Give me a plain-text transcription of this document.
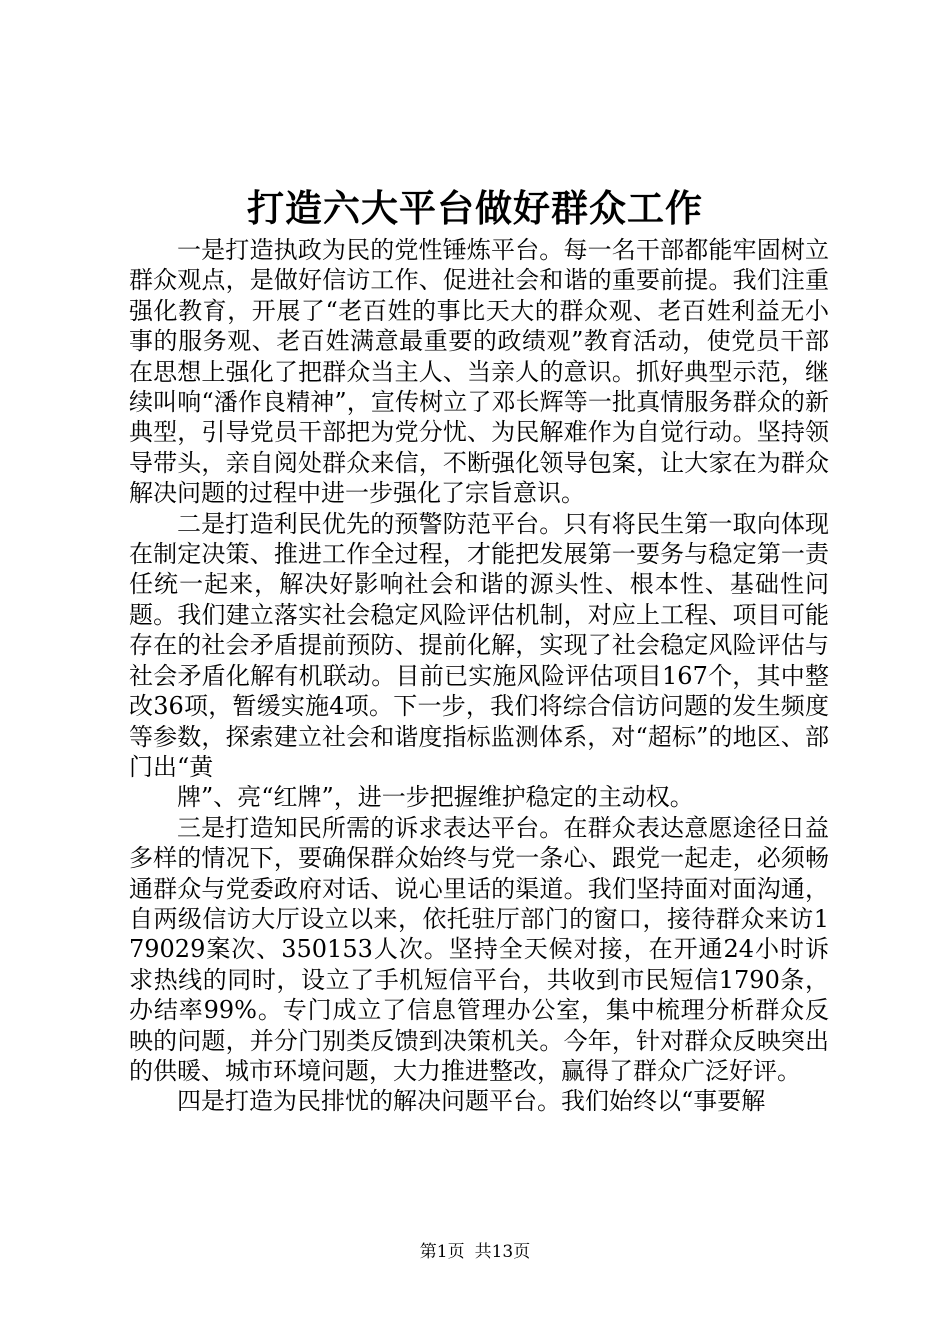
打造六大平台做好群众工作

一是打造执政为民的党性锤炼平台。每一名干部都能牢固树立群众观点，是做好信访工作、促进社会和谐的重要前提。我们注重强化教育，开展了“老百姓的事比天大的群众观、老百姓利益无小事的服务观、老百姓满意最重要的政绩观”教育活动，使党员干部在思想上强化了把群众当主人、当亲人的意识。抓好典型示范，继续叫响“潘作良精神”，宣传树立了邓长辉等一批真情服务群众的新典型，引导党员干部把为党分忧、为民解难作为自觉行动。坚持领导带头，亲自阅处群众来信，不断强化领导包案，让大家在为群众解决问题的过程中进一步强化了宗旨意识。

二是打造利民优先的预警防范平台。只有将民生第一取向体现在制定决策、推进工作全过程，才能把发展第一要务与稳定第一责任统一起来，解决好影响社会和谐的源头性、根本性、基础性问题。我们建立落实社会稳定风险评估机制，对应上工程、项目可能存在的社会矛盾提前预防、提前化解，实现了社会稳定风险评估与社会矛盾化解有机联动。目前已实施风险评估项目167个，其中整改36项，暂缓实施4项。下一步，我们将综合信访问题的发生频度等参数，探索建立社会和谐度指标监测体系，对“超标”的地区、部门出“黄

牌”、亮“红牌”，进一步把握维护稳定的主动权。

三是打造知民所需的诉求表达平台。在群众表达意愿途径日益多样的情况下，要确保群众始终与党一条心、跟党一起走，必须畅通群众与党委政府对话、说心里话的渠道。我们坚持面对面沟通，自两级信访大厅设立以来，依托驻厅部门的窗口，接待群众来访179029案次、350153人次。坚持全天候对接，在开通24小时诉求热线的同时，设立了手机短信平台，共收到市民短信1790条，办结率99%。专门成立了信息管理办公室，集中梳理分析群众反映的问题，并分门别类反馈到决策机关。今年，针对群众反映突出的供暖、城市环境问题，大力推进整改，赢得了群众广泛好评。

四是打造为民排忧的解决问题平台。我们始终以“事要解

第1页 共13页
